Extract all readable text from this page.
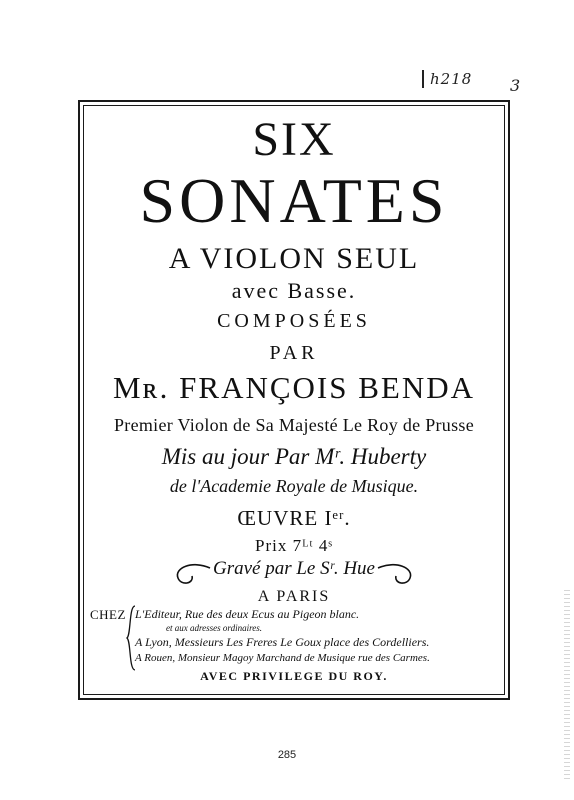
h218 3
SIX
SONATES
A VIOLON SEUL
avec Basse.
COMPOSÉES
PAR
Mʀ. FRANÇOIS BENDA
Premier Violon de Sa Majesté Le Roy de Prusse
Mis au jour Par Mʳ. Huberty
de l'Academie Royale de Musique.
ŒUVRE Iᵉʳ.
Prix 7ᴸᵗ 4ˢ
Gravé par Le Sʳ. Hue
A PARIS
CHEZ L'Editeur, Rue des deux Ecus au Pigeon blanc.
et aux adresses ordinaires.
A Lyon, Messieurs Les Freres Le Goux place des Cordelliers.
A Rouen, Monsieur Magoy Marchand de Musique rue des Carmes.
AVEC PRIVILEGE DU ROY.
285
